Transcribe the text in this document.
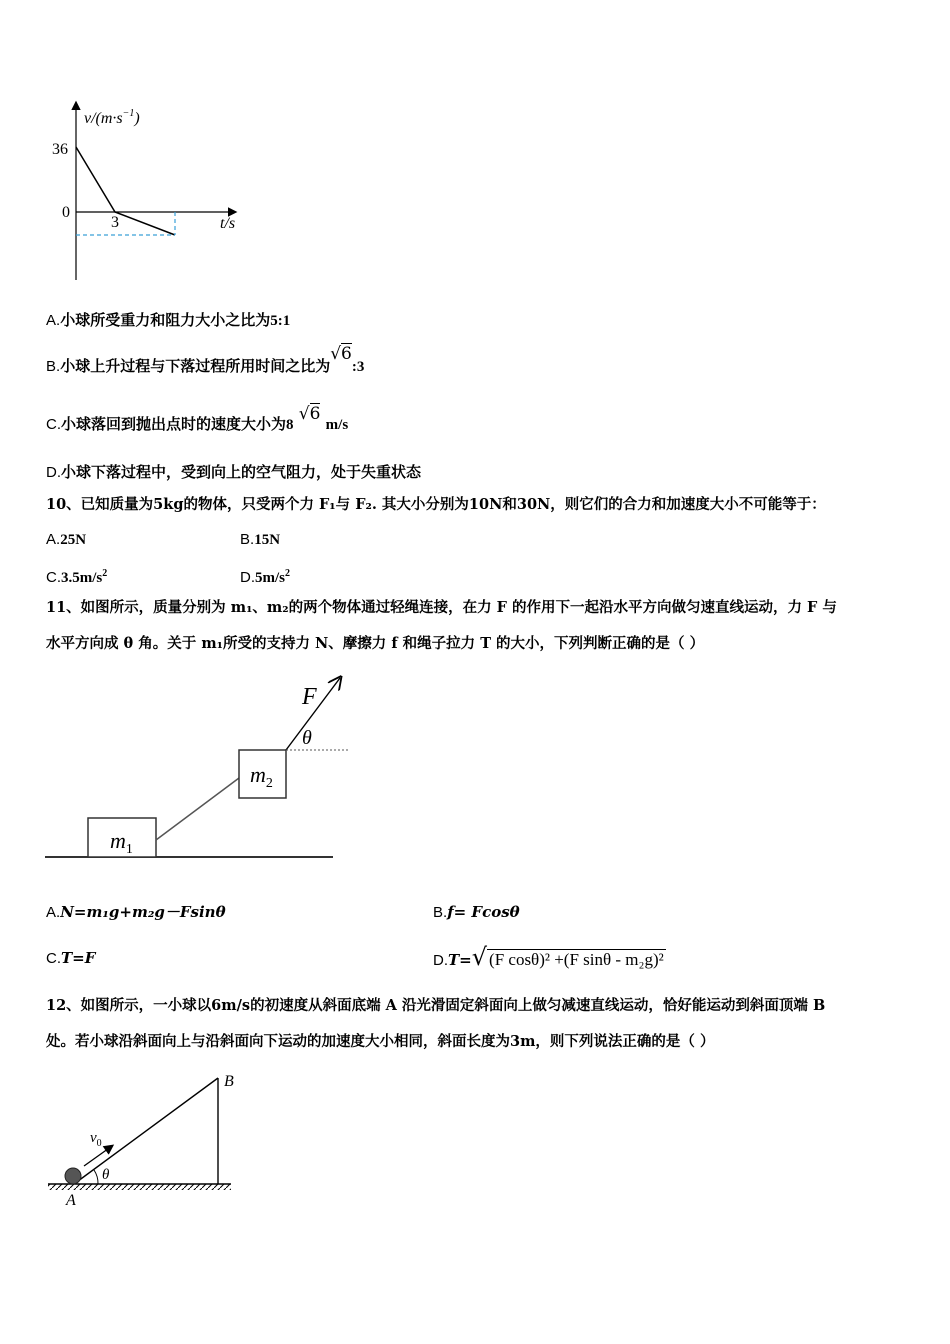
$v/(m\cdot s^{-1})$
36
0
3	t/s
A.小球所受重力和阻力大小之比为5:1
B.小球上升过程与下落过程所用时间之比为√6:3
C.小球落回到抛出点时的速度大小为8 √6 m/s
D.小球下落过程中，受到向上的空气阻力，处于失重状态
10、已知质量为5kg的物体，只受两个力 F₁与 F₂. 其大小分别为10N和30N，则它们的合力和加速度大小不可能等于：
A.25N	B.15N
$C.3.5m/s^2$	$D.5m/s^2$
11、如图所示，质量分别为 m₁、m₂的两个物体通过轻绳连接，在力 F 的作用下一起沿水平方向做匀速直线运动，力 F 与
水平方向成 θ 角。关于 m₁所受的支持力 N、摩擦力 f 和绳子拉力 T 的大小，下列判断正确的是（ ）
F
θ
$m_2$
$m_1$
A.N=m₁g+m₂g－Fsinθ	B.f= Fcosθ
C.T=F	D.T=√ (F cosθ)² +(F sinθ - m₂g)²
12、如图所示，一小球以6m/s的初速度从斜面底端 A 沿光滑固定斜面向上做匀减速直线运动，恰好能运动到斜面顶端 B
处。若小球沿斜面向上与沿斜面向下运动的加速度大小相同，斜面长度为3m，则下列说法正确的是（ ）
B
A
$v_0$
θ
